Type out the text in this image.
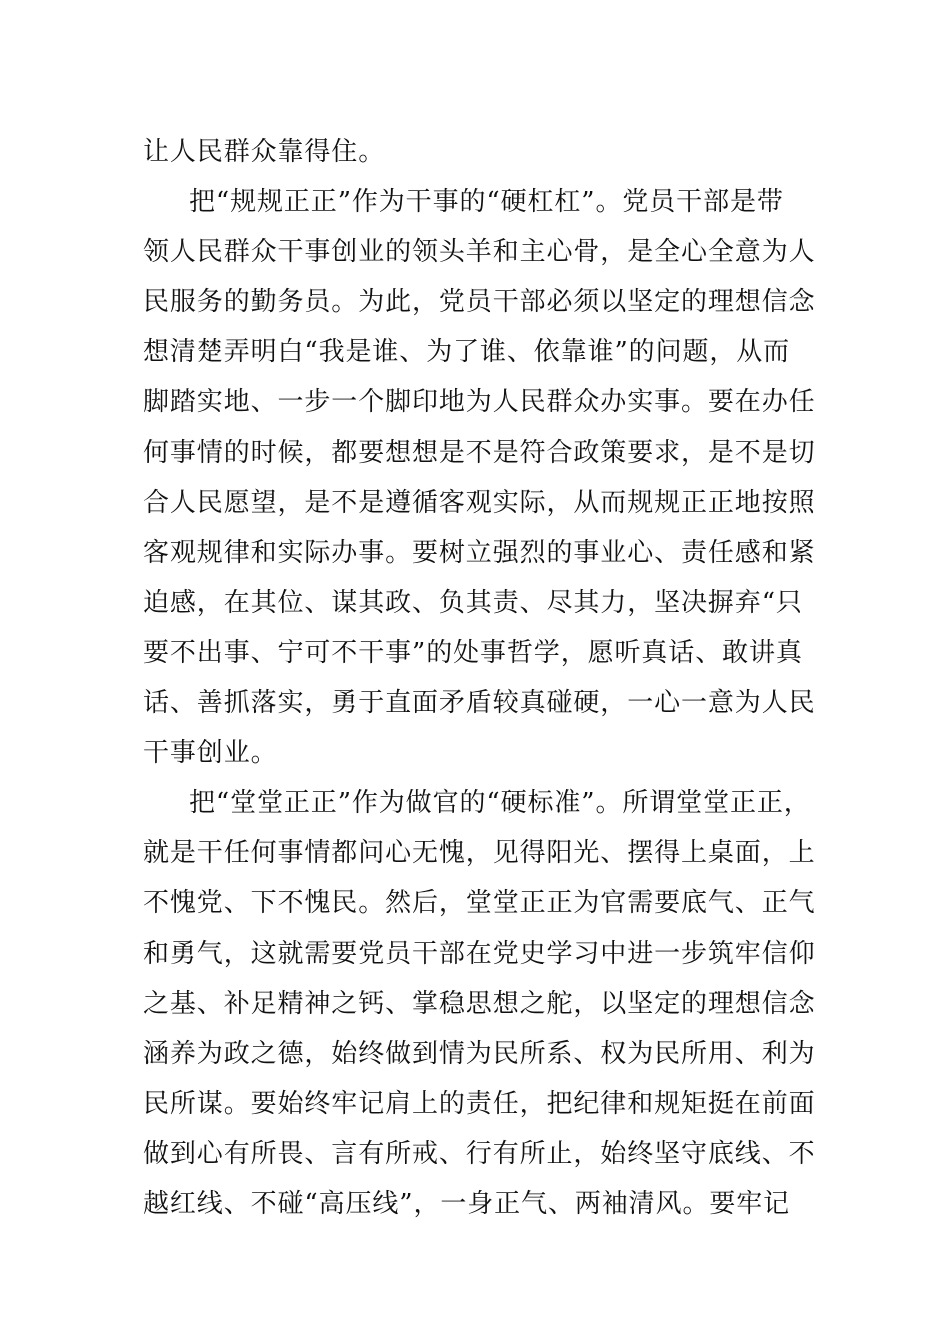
让人民群众靠得住。
把“规规正正”作为干事的“硬杠杠”。党员干部是带
领人民群众干事创业的领头羊和主心骨，是全心全意为人
民服务的勤务员。为此，党员干部必须以坚定的理想信念
想清楚弄明白“我是谁、为了谁、依靠谁”的问题，从而
脚踏实地、一步一个脚印地为人民群众办实事。要在办任
何事情的时候，都要想想是不是符合政策要求，是不是切
合人民愿望，是不是遵循客观实际，从而规规正正地按照
客观规律和实际办事。要树立强烈的事业心、责任感和紧
迫感，在其位、谋其政、负其责、尽其力，坚决摒弃“只
要不出事、宁可不干事”的处事哲学，愿听真话、敢讲真
话、善抓落实，勇于直面矛盾较真碰硬，一心一意为人民
干事创业。
把“堂堂正正”作为做官的“硬标准”。所谓堂堂正正，
就是干任何事情都问心无愧，见得阳光、摆得上桌面，上
不愧党、下不愧民。然后，堂堂正正为官需要底气、正气
和勇气，这就需要党员干部在党史学习中进一步筑牢信仰
之基、补足精神之钙、掌稳思想之舵，以坚定的理想信念
涵养为政之德，始终做到情为民所系、权为民所用、利为
民所谋。要始终牢记肩上的责任，把纪律和规矩挺在前面
做到心有所畏、言有所戒、行有所止，始终坚守底线、不
越红线、不碰“高压线”，一身正气、两袖清风。要牢记
